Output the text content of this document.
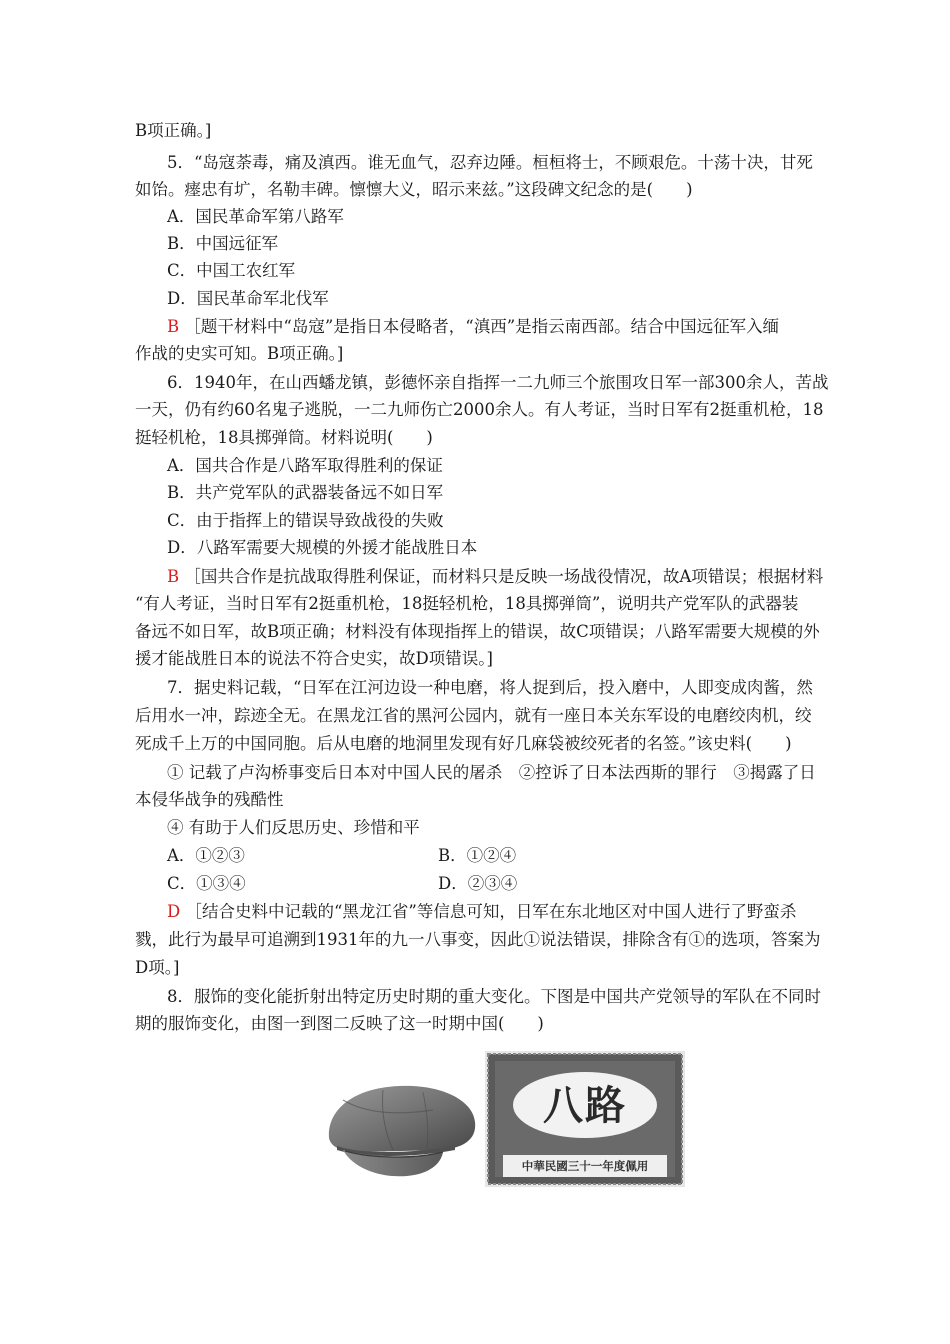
B项正确。]
5．“岛寇荼毒，痛及滇西。谁无血气，忍弃边陲。桓桓将士，不顾艰危。十荡十决，甘死
如饴。瘗忠有圹，名勒丰碑。懔懔大义，昭示来兹。”这段碑文纪念的是(　　)
A．国民革命军第八路军
B．中国远征军
C．中国工农红军
D．国民革命军北伐军
B ［题干材料中“岛寇”是指日本侵略者，“滇西”是指云南西部。结合中国远征军入缅
作战的史实可知。B项正确。]
6．1940年，在山西蟠龙镇，彭德怀亲自指挥一二九师三个旅围攻日军一部300余人，苦战
一天，仍有约60名鬼子逃脱，一二九师伤亡2000余人。有人考证，当时日军有2挺重机枪，18
挺轻机枪，18具掷弹筒。材料说明(　　)
A．国共合作是八路军取得胜利的保证
B．共产党军队的武器装备远不如日军
C．由于指挥上的错误导致战役的失败
D．八路军需要大规模的外援才能战胜日本
B ［国共合作是抗战取得胜利保证，而材料只是反映一场战役情况，故A项错误；根据材料
“有人考证，当时日军有2挺重机枪，18挺轻机枪，18具掷弹筒”，说明共产党军队的武器装
备远不如日军，故B项正确；材料没有体现指挥上的错误，故C项错误；八路军需要大规模的外
援才能战胜日本的说法不符合史实，故D项错误。]
7．据史料记载，“日军在江河边设一种电磨，将人捉到后，投入磨中，人即变成肉酱，然
后用水一冲，踪迹全无。在黑龙江省的黑河公园内，就有一座日本关东军设的电磨绞肉机，绞
死成千上万的中国同胞。后从电磨的地洞里发现有好几麻袋被绞死者的名签。”该史料(　　)
① 记载了卢沟桥事变后日本对中国人民的屠杀　②控诉了日本法西斯的罪行　③揭露了日
本侵华战争的残酷性
④ 有助于人们反思历史、珍惜和平
A．①②③	B．①②④
C．①③④	D．②③④
D ［结合史料中记载的“黑龙江省”等信息可知，日军在东北地区对中国人进行了野蛮杀
戮，此行为最早可追溯到1931年的九一八事变，因此①说法错误，排除含有①的选项，答案为
D项。]
8．服饰的变化能折射出特定历史时期的重大变化。下图是中国共产党领导的军队在不同时
期的服饰变化，由图一到图二反映了这一时期中国(　　)
八路
中華民國三十一年度佩用
